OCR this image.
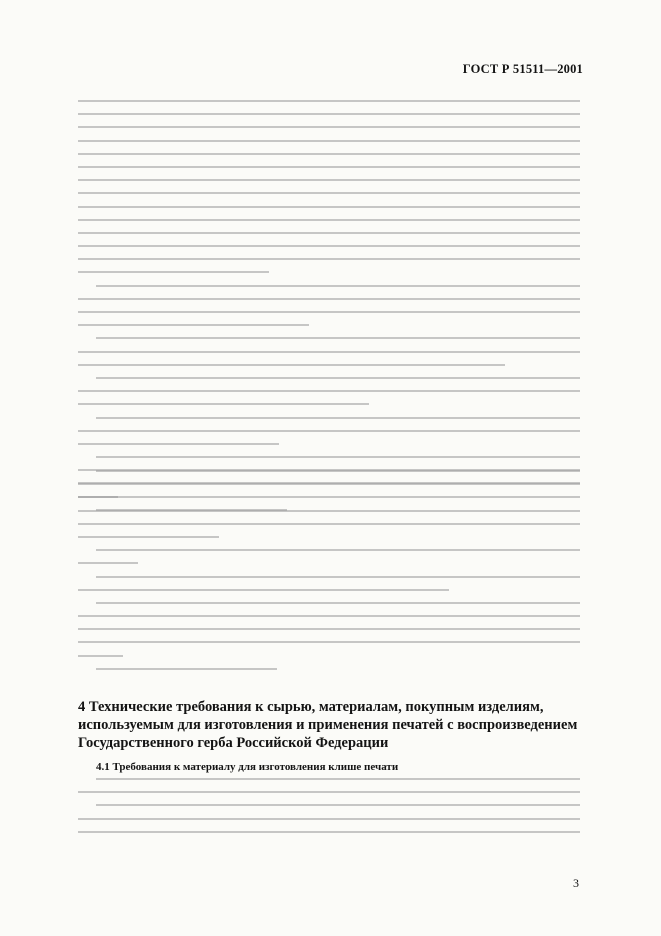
ГОСТ Р 51511—2001

4 Технические требования к сырью, материалам, покупным изделиям, используемым для изготовления и применения печатей с воспроизведением Государственного герба Российской Федерации

4.1 Требования к материалу для изготовления клише печати

3
